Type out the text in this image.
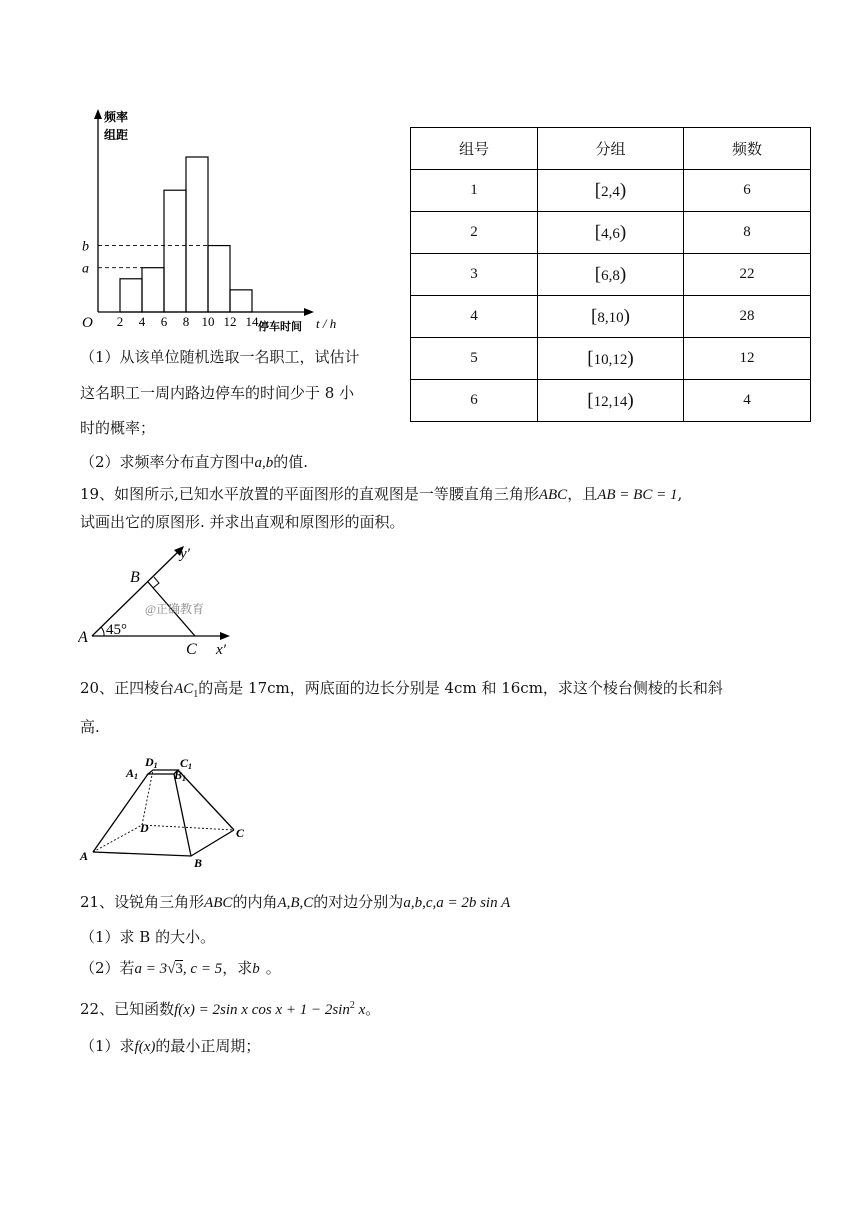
频率
组距
b
a
O 2 4 6 8 10 12 14 停车时间 t / h
组号	分组	频数
1	[2,4)	6
2	[4,6)	8
3	[6,8)	22
4	[8,10)	28
5	[10,12)	12
6	[12,14)	4
（1）从该单位随机选取一名职工，试估计
这名职工一周内路边停车的时间少于 8 小
时的概率；
（2）求频率分布直方图中a,b的值.
19、如图所示,已知水平放置的平面图形的直观图是一等腰直角三角形ABC，且AB = BC = 1,
试画出它的原图形. 并求出直观和原图形的面积。
y′
B
@正确教育
A 45°
C x′
20、正四棱台$AC_1$的高是 17cm，两底面的边长分别是 4cm 和 16cm，求这个棱台侧棱的长和斜
高.
D1 C1
A1	B1
D	C
A	B
21、设锐角三角形ABC的内角A,B,C的对边分别为a,b,c,a = 2b sin A
（1）求 B 的大小。
（2）若a = 3√3, c = 5，求b 。
22、已知函数f(x) = 2sin x $\cos x + 1 - 2\sin^2$ x。
（1）求f(x)的最小正周期；
